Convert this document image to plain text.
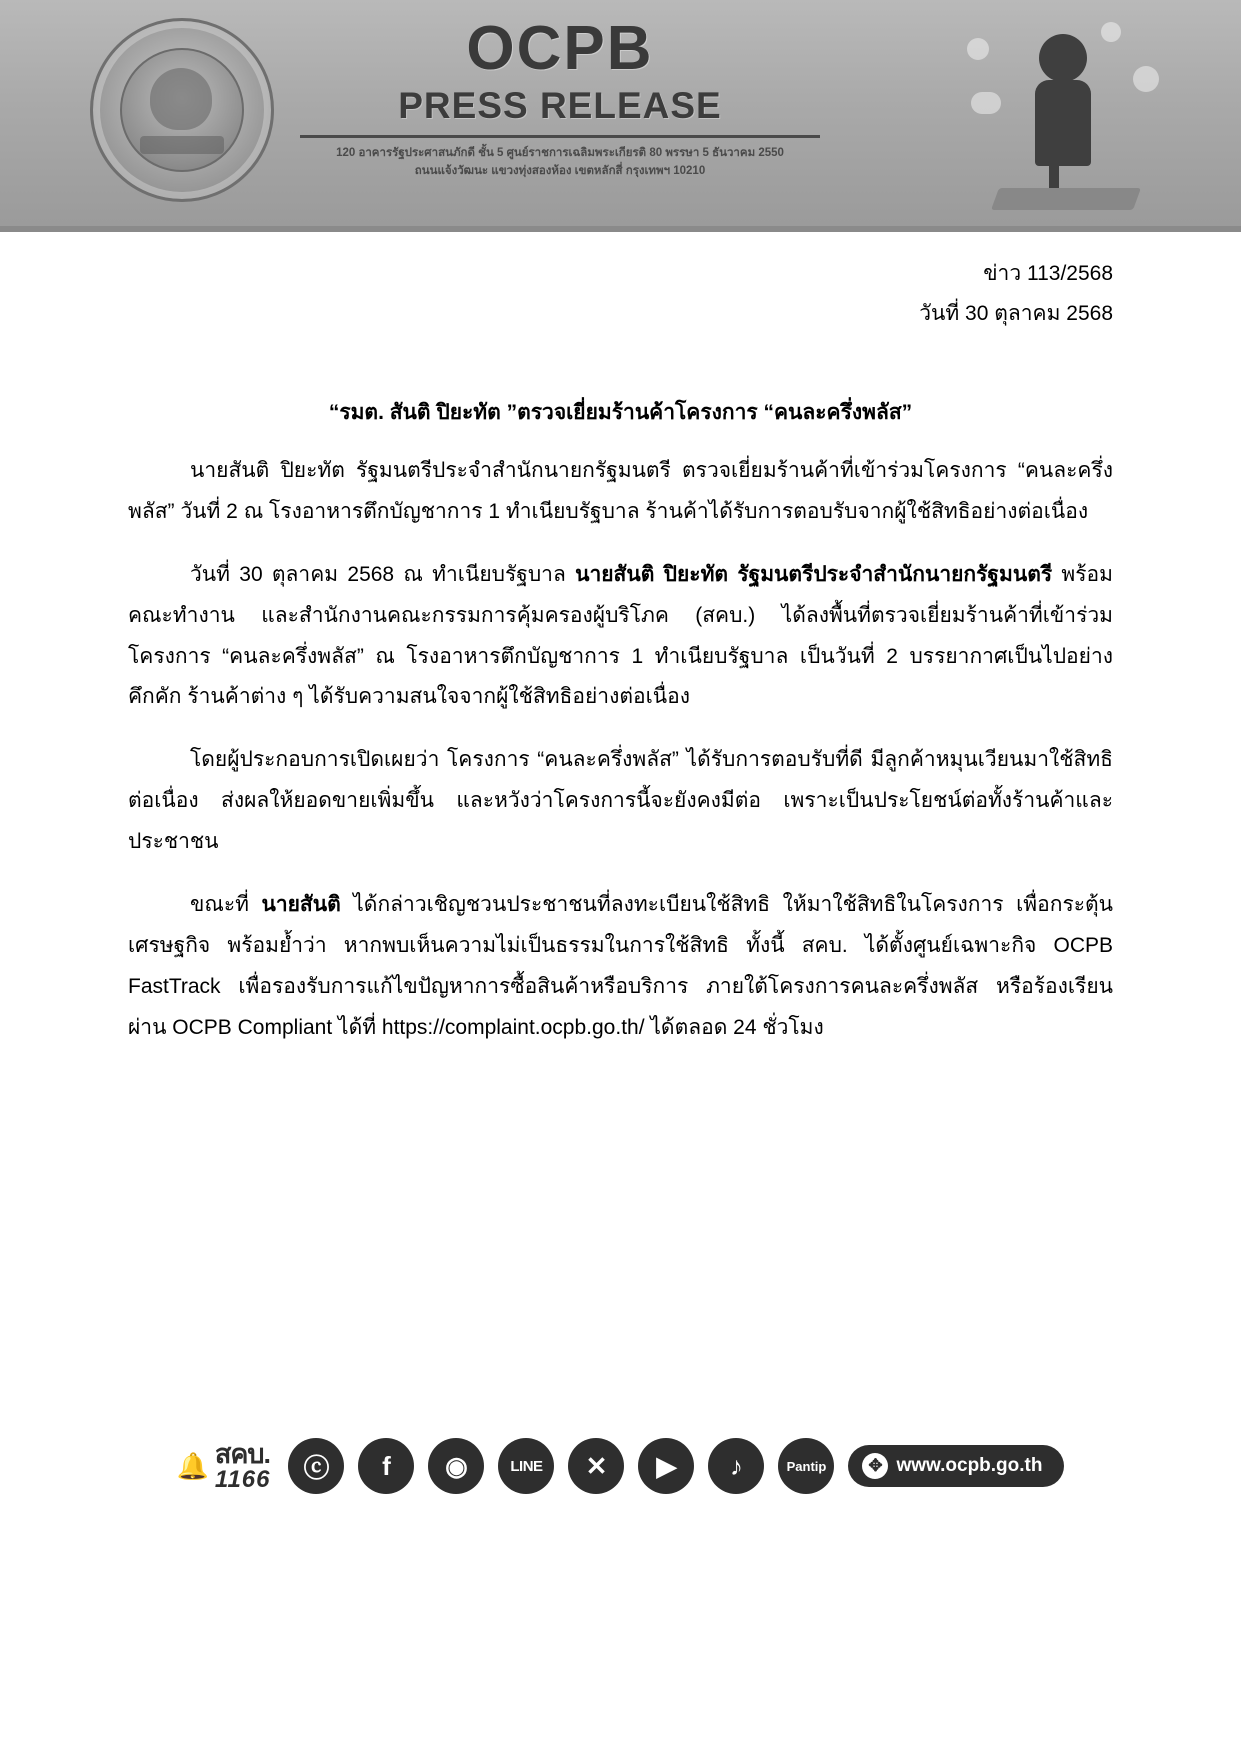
OCPB
PRESS RELEASE
120 อาคารรัฐประศาสนภักดี ชั้น 5 ศูนย์ราชการเฉลิมพระเกียรติ 80 พรรษา 5 ธันวาคม 2550
ถนนแจ้งวัฒนะ แขวงทุ่งสองห้อง เขตหลักสี่ กรุงเทพฯ 10210
ข่าว 113/2568
วันที่ 30 ตุลาคม 2568
“รมต. สันติ ปิยะทัต ”ตรวจเยี่ยมร้านค้าโครงการ “คนละครึ่งพลัส”

นายสันติ ปิยะทัต รัฐมนตรีประจำสำนักนายกรัฐมนตรี ตรวจเยี่ยมร้านค้าที่เข้าร่วมโครงการ “คนละครึ่งพลัส” วันที่ 2 ณ โรงอาหารตึกบัญชาการ 1 ทำเนียบรัฐบาล ร้านค้าได้รับการตอบรับจากผู้ใช้สิทธิอย่างต่อเนื่อง

วันที่ 30 ตุลาคม 2568 ณ ทำเนียบรัฐบาล นายสันติ ปิยะทัต รัฐมนตรีประจำสำนักนายกรัฐมนตรี พร้อมคณะทำงาน และสำนักงานคณะกรรมการคุ้มครองผู้บริโภค (สคบ.) ได้ลงพื้นที่ตรวจเยี่ยมร้านค้าที่เข้าร่วมโครงการ “คนละครึ่งพลัส” ณ โรงอาหารตึกบัญชาการ 1 ทำเนียบรัฐบาล เป็นวันที่ 2 บรรยากาศเป็นไปอย่างคึกคัก ร้านค้าต่าง ๆ ได้รับความสนใจจากผู้ใช้สิทธิอย่างต่อเนื่อง

โดยผู้ประกอบการเปิดเผยว่า โครงการ “คนละครึ่งพลัส” ได้รับการตอบรับที่ดี มีลูกค้าหมุนเวียนมาใช้สิทธิต่อเนื่อง ส่งผลให้ยอดขายเพิ่มขึ้น และหวังว่าโครงการนี้จะยังคงมีต่อ เพราะเป็นประโยชน์ต่อทั้งร้านค้าและประชาชน

ขณะที่ นายสันติ ได้กล่าวเชิญชวนประชาชนที่ลงทะเบียนใช้สิทธิ ให้มาใช้สิทธิในโครงการ เพื่อกระตุ้นเศรษฐกิจ พร้อมย้ำว่า หากพบเห็นความไม่เป็นธรรมในการใช้สิทธิ ทั้งนี้ สคบ. ได้ตั้งศูนย์เฉพาะกิจ OCPB FastTrack เพื่อรองรับการแก้ไขปัญหาการซื้อสินค้าหรือบริการ ภายใต้โครงการคนละครึ่งพลัส หรือร้องเรียนผ่าน OCPB Compliant ได้ที่ https://complaint.ocpb.go.th/ ได้ตลอด 24 ชั่วโมง

🔔 สคบ.
1166	ⓒ	f	◉	LINE	✕	▶	♪	Pantip	✥ www.ocpb.go.th
